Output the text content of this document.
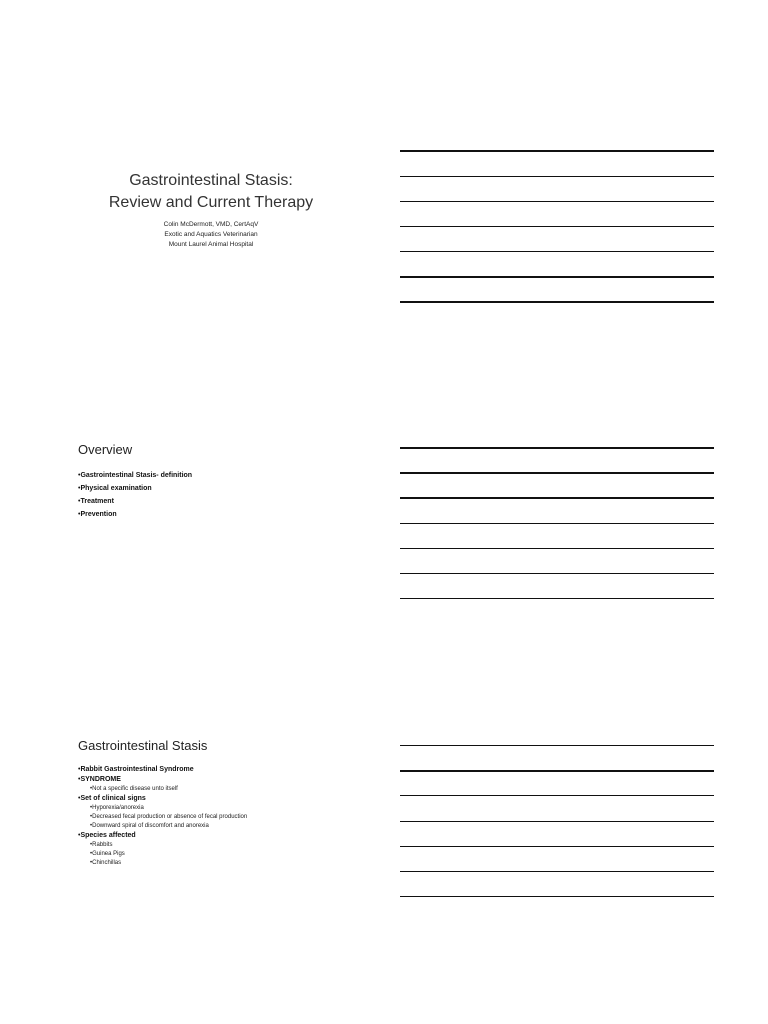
Gastrointestinal Stasis:
Review and Current Therapy
Colin McDermott, VMD, CertAqV
Exotic and Aquatics Veterinarian
Mount Laurel Animal Hospital
Overview
• Gastrointestinal Stasis- definition
• Physical examination
• Treatment
• Prevention
Gastrointestinal Stasis
• Rabbit Gastrointestinal Syndrome
• SYNDROME
• Not a specific disease unto itself
• Set of clinical signs
• Hyporexia/anorexia
• Decreased fecal production or absence of fecal production
• Downward spiral of discomfort and anorexia
• Species affected
• Rabbits
• Guinea Pigs
• Chinchillas
